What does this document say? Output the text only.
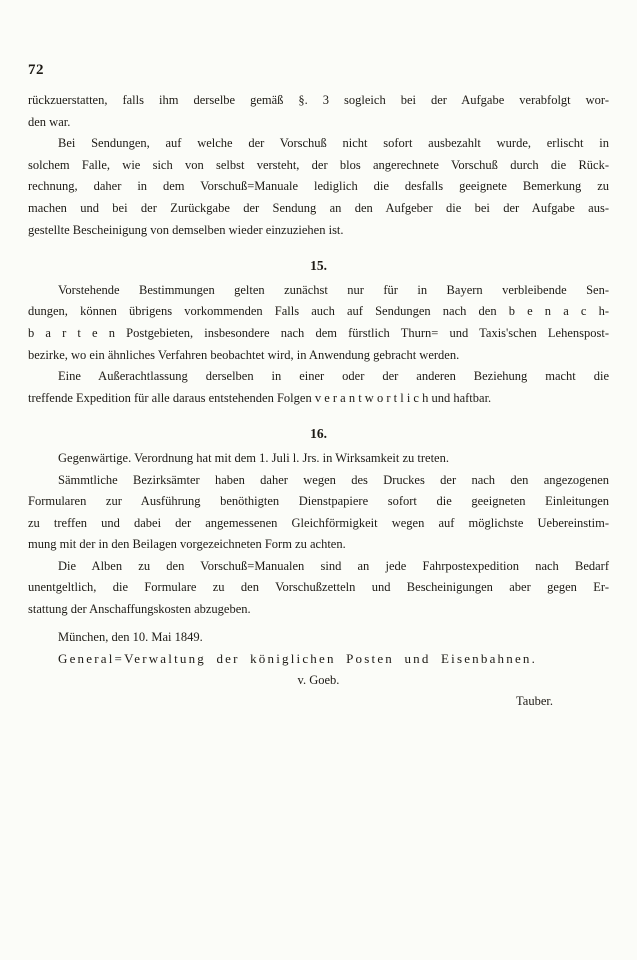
72
rückzuerstatten, falls ihm derselbe gemäß §. 3 sogleich bei der Aufgabe verabfolgt wor-
den war.
Bei Sendungen, auf welche der Vorschuß nicht sofort ausbezahlt wurde, erlischt in
solchem Falle, wie sich von selbst versteht, der blos angerechnete Vorschuß durch die Rück-
rechnung, daher in dem Vorschuß=Manuale lediglich die desfalls geeignete Bemerkung zu
machen und bei der Zurückgabe der Sendung an den Aufgeber die bei der Aufgabe aus-
gestellte Bescheinigung von demselben wieder einzuziehen ist.
15.
Vorstehende Bestimmungen gelten zunächst nur für in Bayern verbleibende Sen-
dungen, können übrigens vorkommenden Falls auch auf Sendungen nach den b e n a c h-
b a r t e n Postgebieten, insbesondere nach dem fürstlich Thurn= und Taxis'schen Lehenspost-
bezirke, wo ein ähnliches Verfahren beobachtet wird, in Anwendung gebracht werden.
Eine Außerachtlassung derselben in einer oder der anderen Beziehung macht die
treffende Expedition für alle daraus entstehenden Folgen v e r a n t w o r t l i c h und haftbar.
16.
Gegenwärtige. Verordnung hat mit dem 1. Juli l. Jrs. in Wirksamkeit zu treten.
Sämmtliche Bezirksämter haben daher wegen des Druckes der nach den angezogenen
Formularen zur Ausführung benöthigten Dienstpapiere sofort die geeigneten Einleitungen
zu treffen und dabei der angemessenen Gleichförmigkeit wegen auf möglichste Uebereinstim-
mung mit der in den Beilagen vorgezeichneten Form zu achten.
Die Alben zu den Vorschuß=Manualen sind an jede Fahrpostexpedition nach Bedarf
unentgeltlich, die Formulare zu den Vorschußzetteln und Bescheinigungen aber gegen Er-
stattung der Anschaffungskosten abzugeben.
München, den 10. Mai 1849.
General=Verwaltung der königlichen Posten und Eisenbahnen.
v. Goeb.
Tauber.
